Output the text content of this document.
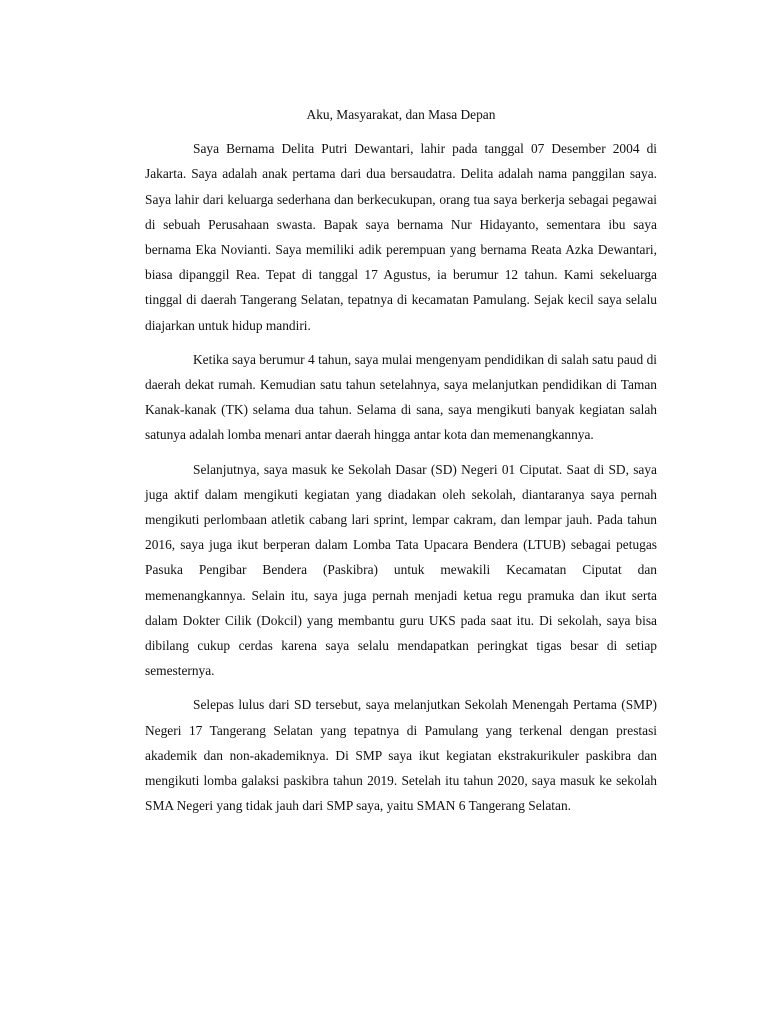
Aku, Masyarakat, dan Masa Depan

Saya Bernama Delita Putri Dewantari, lahir pada tanggal 07 Desember 2004 di Jakarta. Saya adalah anak pertama dari dua bersaudatra. Delita adalah nama panggilan saya. Saya lahir dari keluarga sederhana dan berkecukupan, orang tua saya berkerja sebagai pegawai di sebuah Perusahaan swasta. Bapak saya bernama Nur Hidayanto, sementara ibu saya bernama Eka Novianti. Saya memiliki adik perempuan yang bernama Reata Azka Dewantari, biasa dipanggil Rea. Tepat di tanggal 17 Agustus, ia berumur 12 tahun. Kami sekeluarga tinggal di daerah Tangerang Selatan, tepatnya di kecamatan Pamulang. Sejak kecil saya selalu diajarkan untuk hidup mandiri.

Ketika saya berumur 4 tahun, saya mulai mengenyam pendidikan di salah satu paud di daerah dekat rumah. Kemudian satu tahun setelahnya, saya melanjutkan pendidikan di Taman Kanak-kanak (TK) selama dua tahun. Selama di sana, saya mengikuti banyak kegiatan salah satunya adalah lomba menari antar daerah hingga antar kota dan memenangkannya.

Selanjutnya, saya masuk ke Sekolah Dasar (SD) Negeri 01 Ciputat. Saat di SD, saya juga aktif dalam mengikuti kegiatan yang diadakan oleh sekolah, diantaranya saya pernah mengikuti perlombaan atletik cabang lari sprint, lempar cakram, dan lempar jauh. Pada tahun 2016, saya juga ikut berperan dalam Lomba Tata Upacara Bendera (LTUB) sebagai petugas Pasuka Pengibar Bendera (Paskibra) untuk mewakili Kecamatan Ciputat dan memenangkannya. Selain itu, saya juga pernah menjadi ketua regu pramuka dan ikut serta dalam Dokter Cilik (Dokcil) yang membantu guru UKS pada saat itu. Di sekolah, saya bisa dibilang cukup cerdas karena saya selalu mendapatkan peringkat tigas besar di setiap semesternya.

Selepas lulus dari SD tersebut, saya melanjutkan Sekolah Menengah Pertama (SMP) Negeri 17 Tangerang Selatan yang tepatnya di Pamulang yang terkenal dengan prestasi akademik dan non-akademiknya. Di SMP saya ikut kegiatan ekstrakurikuler paskibra dan mengikuti lomba galaksi paskibra tahun 2019. Setelah itu tahun 2020, saya masuk ke sekolah SMA Negeri yang tidak jauh dari SMP saya, yaitu SMAN 6 Tangerang Selatan.
